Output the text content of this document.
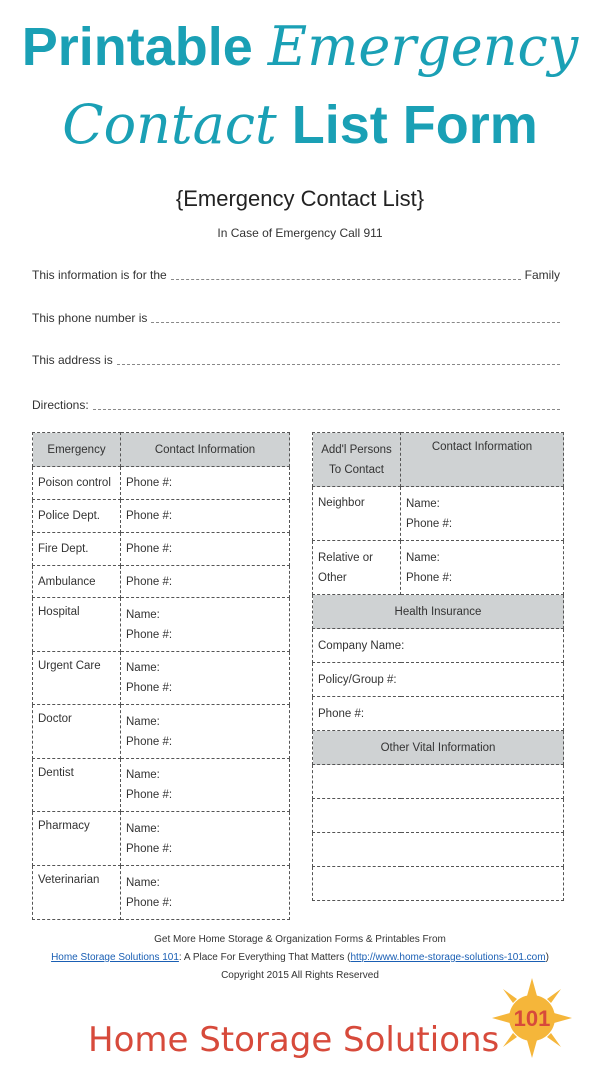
Printable Emergency
Contact List Form
{Emergency Contact List}
In Case of Emergency Call 911
This information is for the	Family
This phone number is
This address is
Directions:
Emergency	Contact Information
Poison control	Phone #:
Police Dept.	Phone #:
Fire Dept.	Phone #:
Ambulance	Phone #:
Hospital	Name:
Phone #:

Urgent Care	Name:
Phone #:

Doctor	Name:
Phone #:

Dentist	Name:
Phone #:

Pharmacy	Name:
Phone #:

Veterinarian	Name:
Phone #:
Add'l Persons To Contact	Contact Information
Neighbor	Name:
Phone #:

Relative or Other	Name:
Phone #:

Health Insurance	
Company Name:	
Policy/Group #:	
Phone #:	
Other Vital Information	

Get More Home Storage & Organization Forms & Printables From
Home Storage Solutions 101: A Place For Everything That Matters (http://www.home-storage-solutions-101.com)
Copyright 2015 All Rights Reserved
Home Storage Solutions
101
